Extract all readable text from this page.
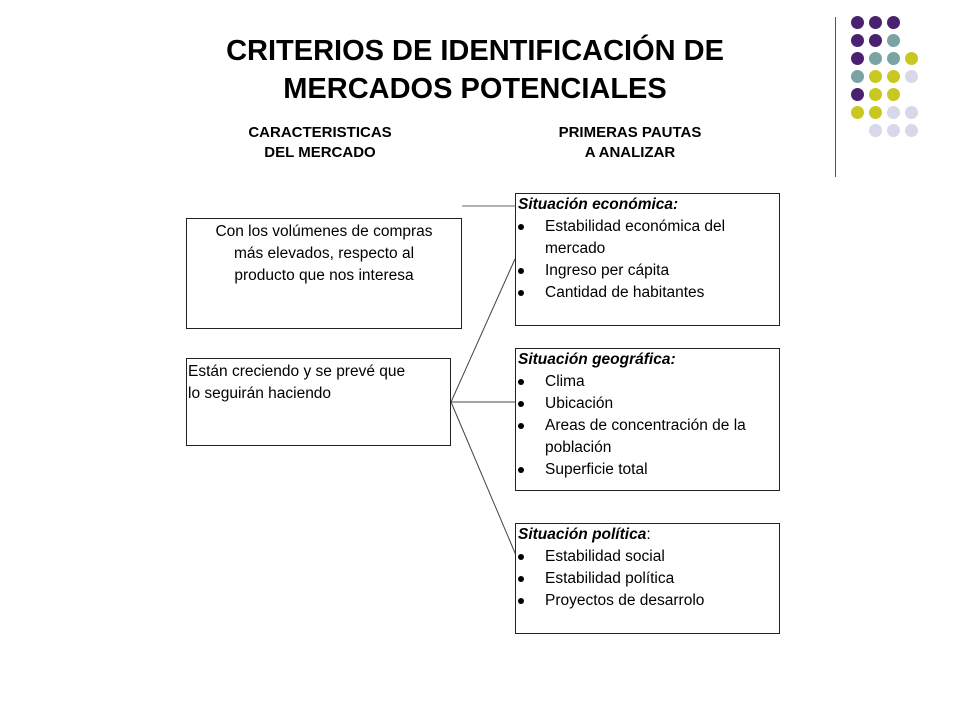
CRITERIOS DE IDENTIFICACIÓN DE
MERCADOS POTENCIALES
CARACTERISTICAS
DEL MERCADO
PRIMERAS PAUTAS
A ANALIZAR
Con los volúmenes de compras
más elevados, respecto al
producto que nos interesa
Están creciendo y se prevé que
lo seguirán haciendo
Situación económica:
Estabilidad económica del mercado
Ingreso per cápita
Cantidad de habitantes
Situación geográfica:
Clima
Ubicación
Areas de concentración de la población
Superficie total
Situación política:
Estabilidad social
Estabilidad política
Proyectos de desarrolo
